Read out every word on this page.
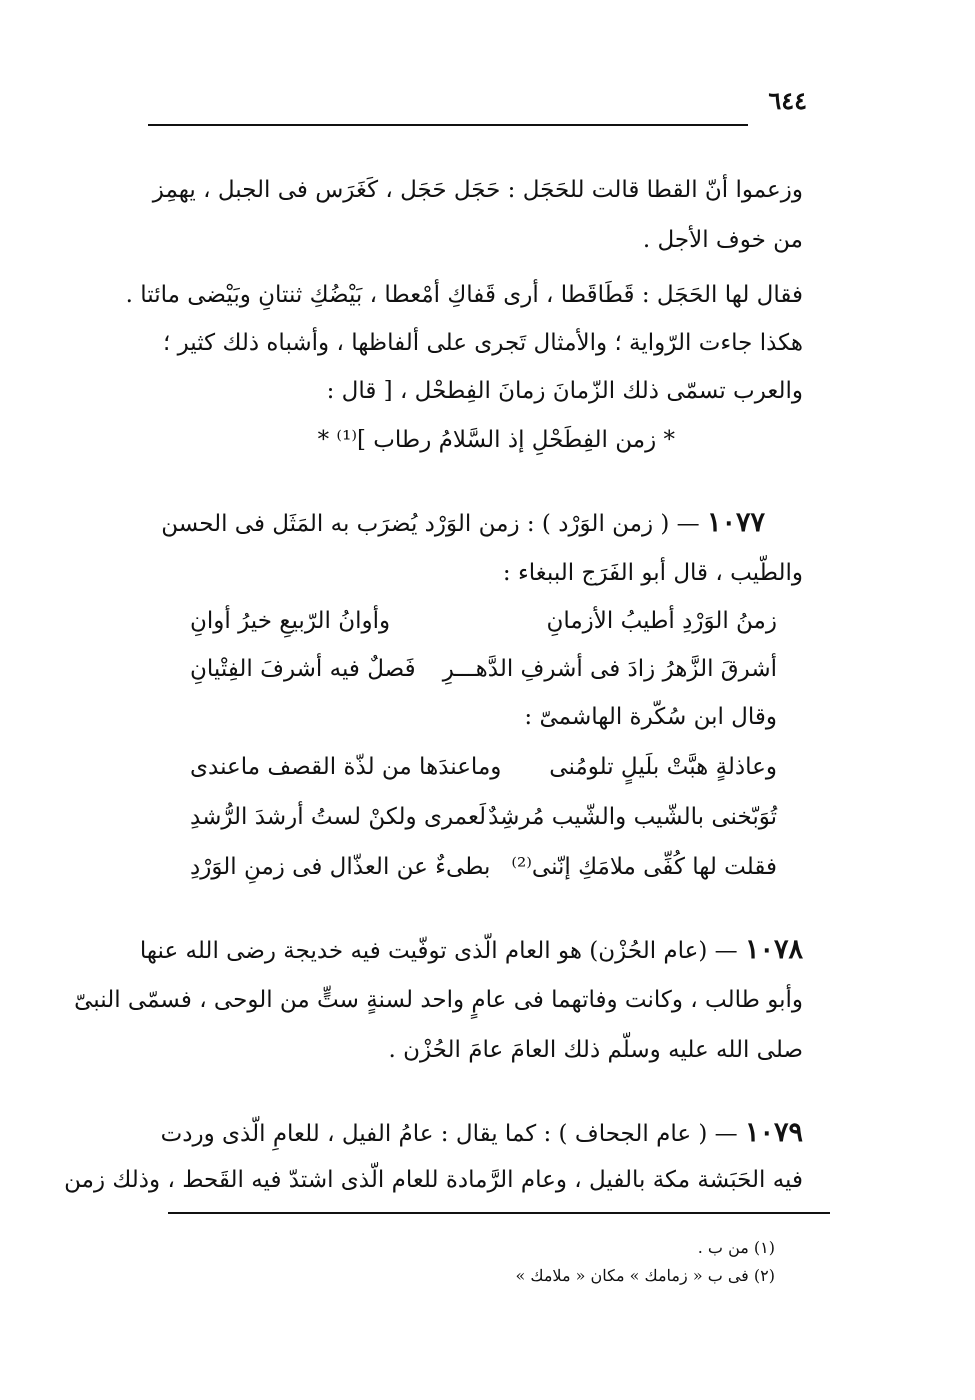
٦٤٤
وزعموا أنّ القطا قالت للحَجَل : حَجَل حَجَل ، كَغَرَس فى الجبل ، يهمِز
من خوف الأجل .
فقال لها الحَجَل : قَطَاقَطا ، أرى قَفاكِ أمْعطا ، بَيْضُكِ ثنتانِ وبَيْضى مائتا .
هكذا جاءت الرّواية ؛ والأمثال تَجرى على ألفاظها ، وأشباه ذلك كثير ؛
والعرب تسمّى ذلك الزّمانَ زمانَ الفِطحْل ، [ قال :
* زمن الفِطَحْلِ إذ السَّلامُ رطاب ]⁽¹⁾ *
١٠٧٧ — ( زمن الوَرْد ) : زمن الوَرْد يُضرَب به المَثَل فى الحسن
والطّيب ، قال أبو الفَرَج الببغاء :
زمنُ الوَرْدِ أطيبُ الأزمانِ
وأوانُ الرّبيعِ خيرُ أوانِ
أشرقَ الزَّهرُ زادَ فى أشرفِ الدَّهـــرِ
فَصلٌ فيه أشرفَ الفِتْيانِ
وقال ابن سُكّرة الهاشمىّ :
وعاذلةٍ هبَّتْ بلَيلٍ تلومُنى
وماعندَها من لذّة القصف ماعندى
تُوَبّخنى بالشّيب والشّيب مُرشِدٌ
لَعمرى ولكنْ لستُ أرشدَ الرُّشدِ
فقلت لها كُفِّى ملامَكِ إنّنى⁽²⁾
بطىءٌ عن العذّال فى زمنِ الوَرْدِ
١٠٧٨ — (عام الحُزْن) هو العام الّذى توفّيت فيه خديجة رضى الله عنها
وأبو طالب ، وكانت وفاتهما فى عامٍ واحد لسنةٍ ستٍّ من الوحى ، فسمّى النبىّ
صلى الله عليه وسلّم ذلك العامَ عامَ الحُزْن .
١٠٧٩ — ( عام الجحاف ) : كما يقال : عامُ الفيل ، للعامِ الّذى وردت
فيه الحَبَشة مكة بالفيل ، وعام الرَّمادة للعام الّذى اشتدّ فيه القَحط ، وذلك زمن
(١) من ب .
(٢) فى ب « زمامك » مكان « ملامك »
